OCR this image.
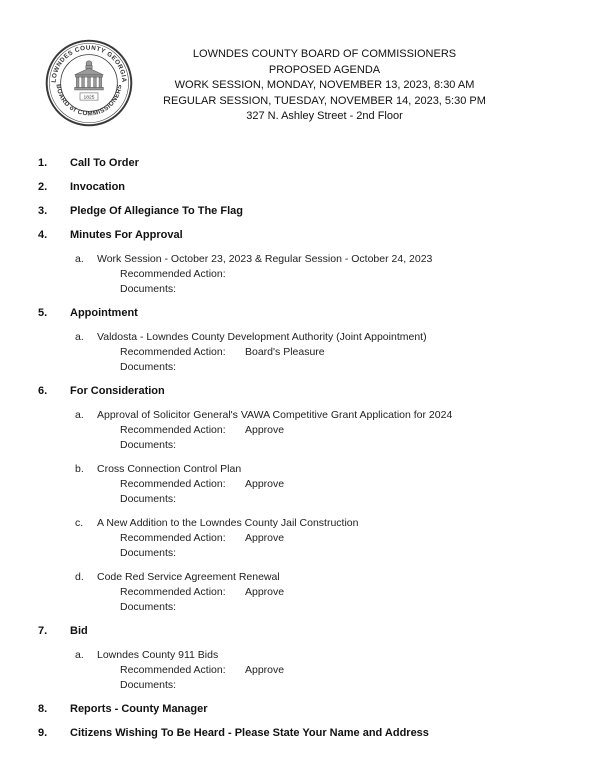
LOWNDES COUNTY GEORGIA
BOARD of COMMISSIONERS
1825
LOWNDES COUNTY BOARD OF COMMISSIONERS
PROPOSED AGENDA
WORK SESSION, MONDAY, NOVEMBER 13, 2023, 8:30 AM
REGULAR SESSION, TUESDAY, NOVEMBER 14, 2023, 5:30 PM
327 N. Ashley Street - 2nd Floor
1.	Call To Order
2.	Invocation
3.	Pledge Of Allegiance To The Flag
4.	Minutes For Approval
a.	Work Session - October 23, 2023 & Regular Session - October 24, 2023
Recommended Action:
Documents:
5.	Appointment
a.	Valdosta - Lowndes County Development Authority (Joint Appointment)
Recommended Action:	Board's Pleasure
Documents:
6.	For Consideration
a.	Approval of Solicitor General's VAWA Competitive Grant Application for 2024
Recommended Action:	Approve
Documents:
b.	Cross Connection Control Plan
Recommended Action:	Approve
Documents:
c.	A New Addition to the Lowndes County Jail Construction
Recommended Action:	Approve
Documents:
d.	Code Red Service Agreement Renewal
Recommended Action:	Approve
Documents:
7.	Bid
a.	Lowndes County 911 Bids
Recommended Action:	Approve
Documents:
8.	Reports - County Manager
9.	Citizens Wishing To Be Heard - Please State Your Name and Address
